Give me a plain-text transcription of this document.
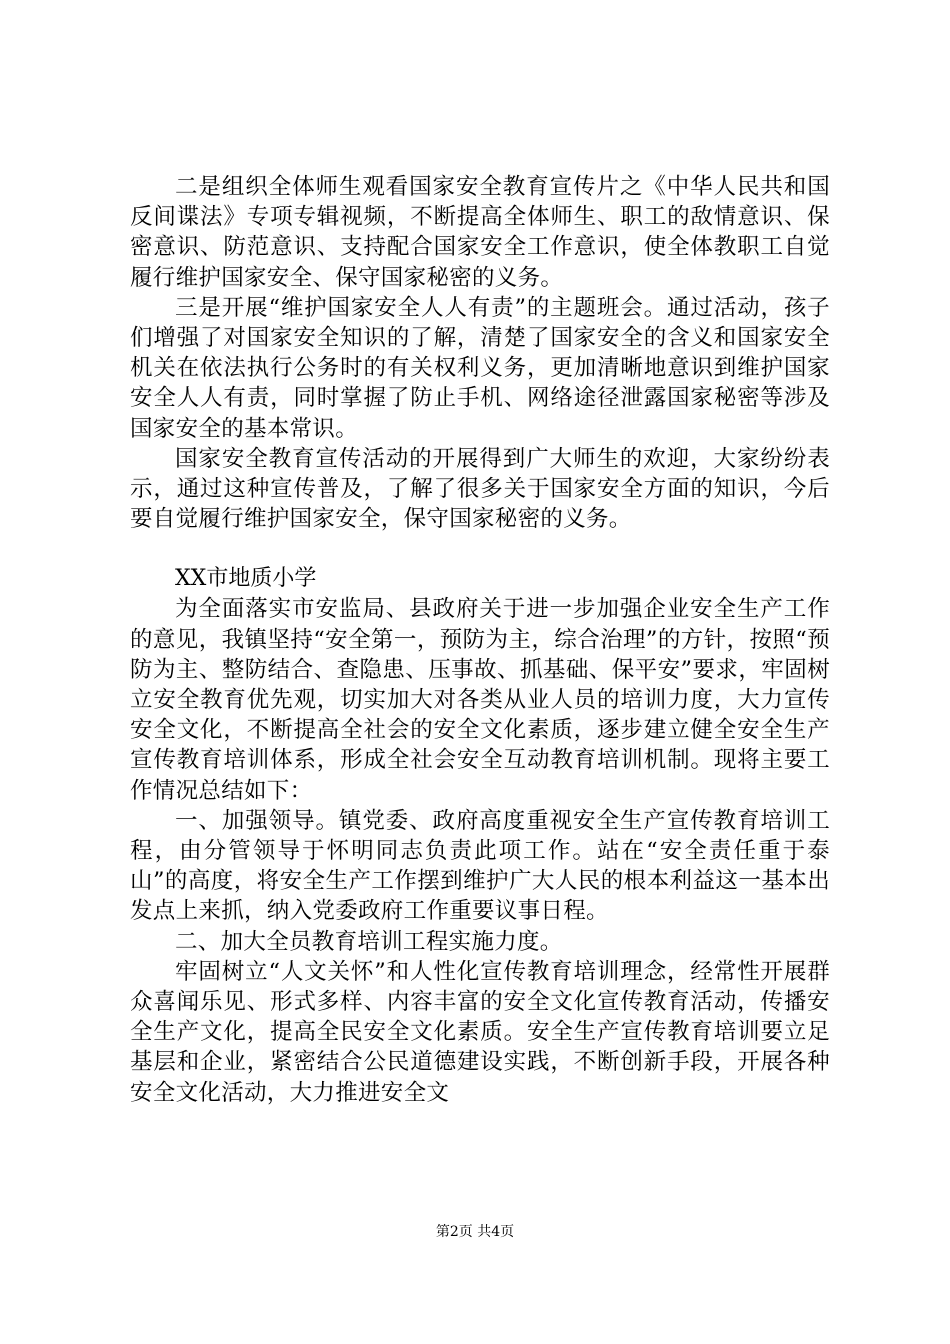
二是组织全体师生观看国家安全教育宣传片之《中华人民共和国反间谍法》专项专辑视频，不断提高全体师生、职工的敌情意识、保密意识、防范意识、支持配合国家安全工作意识，使全体教职工自觉履行维护国家安全、保守国家秘密的义务。

三是开展“维护国家安全人人有责”的主题班会。通过活动，孩子们增强了对国家安全知识的了解，清楚了国家安全的含义和国家安全机关在依法执行公务时的有关权利义务，更加清晰地意识到维护国家安全人人有责，同时掌握了防止手机、网络途径泄露国家秘密等涉及国家安全的基本常识。

国家安全教育宣传活动的开展得到广大师生的欢迎，大家纷纷表示，通过这种宣传普及，了解了很多关于国家安全方面的知识，今后要自觉履行维护国家安全，保守国家秘密的义务。

XX市地质小学

为全面落实市安监局、县政府关于进一步加强企业安全生产工作的意见，我镇坚持“安全第一，预防为主，综合治理”的方针，按照“预防为主、整防结合、查隐患、压事故、抓基础、保平安”要求，牢固树立安全教育优先观，切实加大对各类从业人员的培训力度，大力宣传安全文化，不断提高全社会的安全文化素质，逐步建立健全安全生产宣传教育培训体系，形成全社会安全互动教育培训机制。现将主要工作情况总结如下：

一、加强领导。镇党委、政府高度重视安全生产宣传教育培训工程，由分管领导于怀明同志负责此项工作。站在“安全责任重于泰山”的高度，将安全生产工作摆到维护广大人民的根本利益这一基本出发点上来抓，纳入党委政府工作重要议事日程。

二、加大全员教育培训工程实施力度。

牢固树立“人文关怀”和人性化宣传教育培训理念，经常性开展群众喜闻乐见、形式多样、内容丰富的安全文化宣传教育活动，传播安全生产文化，提高全民安全文化素质。安全生产宣传教育培训要立足基层和企业，紧密结合公民道德建设实践，不断创新手段，开展各种安全文化活动，大力推进安全文

第2页 共4页
